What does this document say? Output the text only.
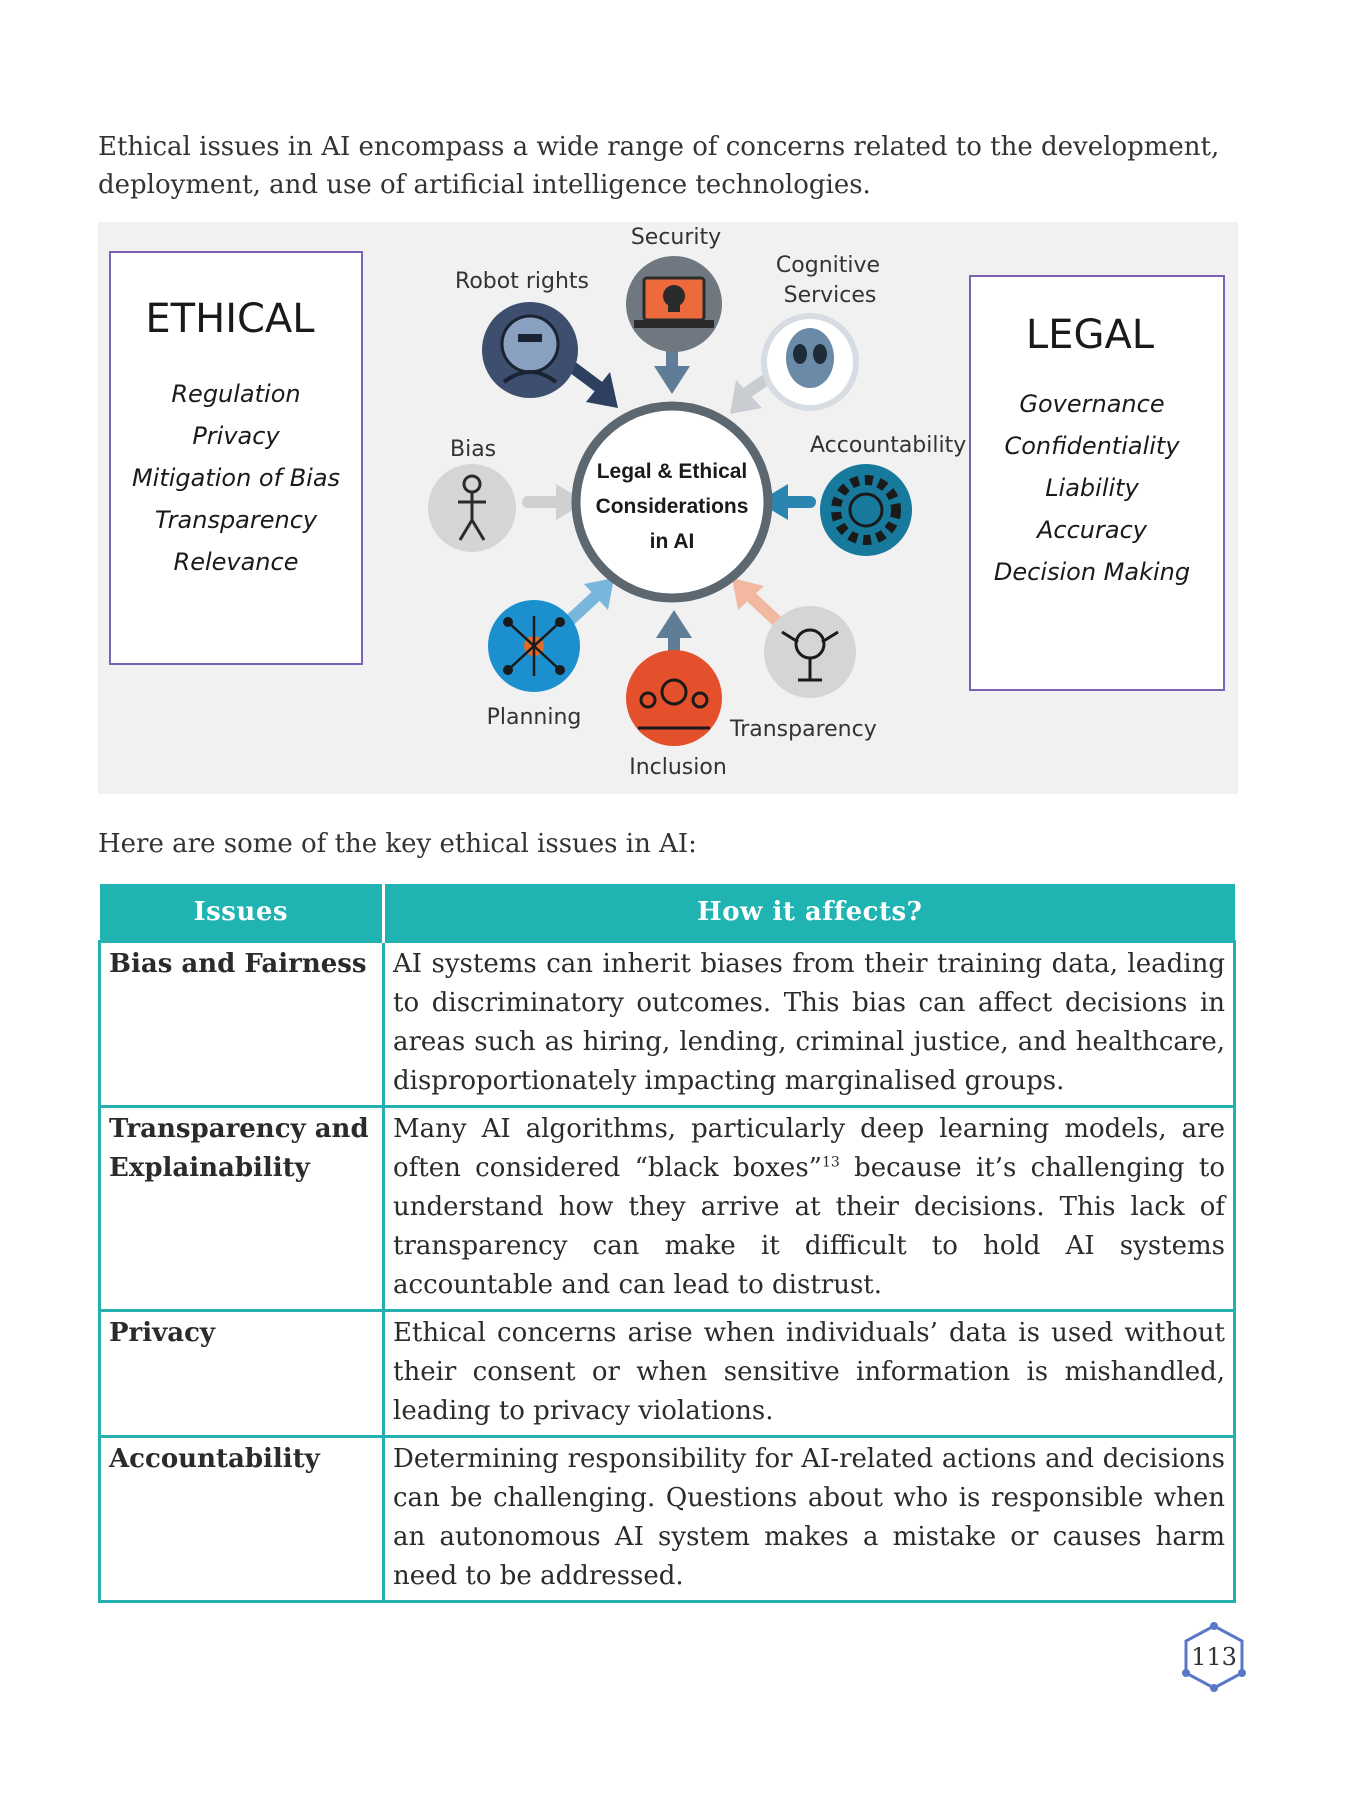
Ethical issues in AI encompass a wide range of concerns related to the development, deployment, and use of artificial intelligence technologies.

ETHICAL
Regulation
Privacy
Mitigation of Bias
Transparency
Relevance
LEGAL
Governance
Confidentiality
Liability
Accuracy
Decision Making
Legal & Ethical
Considerations
in AI
Security
Robot rights
Cognitive
Services
Bias	Accountability
Planning
Inclusion
Transparency

Here are some of the key ethical issues in AI:

Issues	How it affects?
Bias and Fairness	AI systems can inherit biases from their training data, leading to discriminatory outcomes. This bias can affect decisions in areas such as hiring, lending, criminal justice, and healthcare, disproportionately impacting marginalised groups.
Transparency and Explainability	Many AI algorithms, particularly deep learning models, are often considered “black boxes”$^{13}$ because it’s challenging to understand how they arrive at their decisions. This lack of transparency can make it difficult to hold AI systems accountable and can lead to distrust.
Privacy	Ethical concerns arise when individuals’ data is used without their consent or when sensitive information is mishandled, leading to privacy violations.
Accountability	Determining responsibility for AI-related actions and decisions can be challenging. Questions about who is responsible when an autonomous AI system makes a mistake or causes harm need to be addressed.
113
